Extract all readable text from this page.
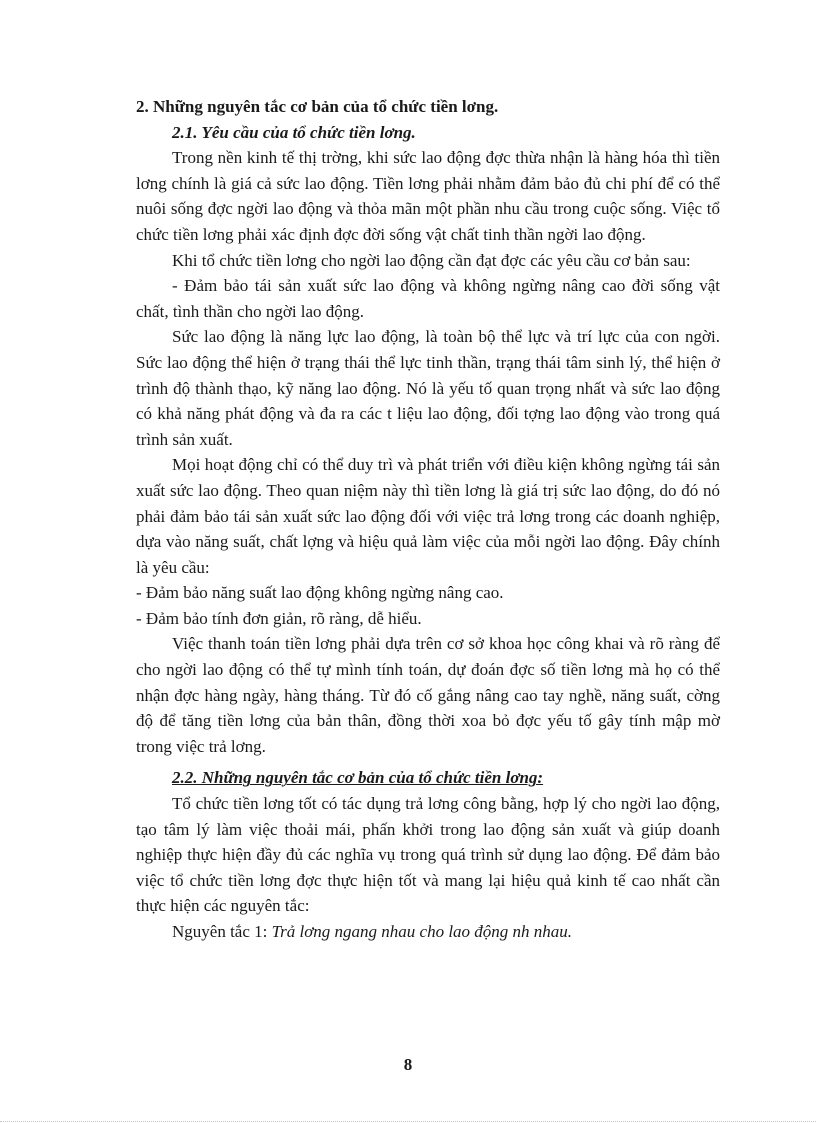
2. Những nguyên tắc cơ bản của tổ chức tiền lơng.

2.1. Yêu cầu của tổ chức tiền lơng.

Trong nền kinh tế thị trờng, khi sức lao động đợc thừa nhận là hàng hóa thì tiền lơng chính là giá cả sức lao động. Tiền lơng phải nhằm đảm bảo đủ chi phí để có thể nuôi sống đợc ngời lao động và thỏa mãn một phần nhu cầu trong cuộc sống. Việc tổ chức tiền lơng phải xác định đợc đời sống vật chất tinh thần ngời lao động.

Khi tổ chức tiền lơng cho ngời lao động cần đạt đợc các yêu cầu cơ bản sau:

- Đảm bảo tái sản xuất sức lao động và không ngừng nâng cao đời sống vật chất, tình thần cho ngời lao động.

Sức lao động là năng lực lao động, là toàn bộ thể lực và trí lực của con ngời. Sức lao động thể hiện ở trạng thái thể lực tinh thần, trạng thái tâm sinh lý, thể hiện ở trình độ thành thạo, kỹ năng lao động. Nó là yếu tố quan trọng nhất và sức lao động có khả năng phát động và đa ra các t liệu lao động, đối tợng lao động vào trong quá trình sản xuất.

Mọi hoạt động chỉ có thể duy trì và phát triển với điều kiện không ngừng tái sản xuất sức lao động. Theo quan niệm này thì tiền lơng là giá trị sức lao động, do đó nó phải đảm bảo tái sản xuất sức lao động đối với việc trả lơng trong các doanh nghiệp, dựa vào năng suất, chất lợng và hiệu quả làm việc của mỗi ngời lao động. Đây chính là yêu cầu:

- Đảm bảo năng suất lao động không ngừng nâng cao.

- Đảm bảo tính đơn giản, rõ ràng, dễ hiểu.

Việc thanh toán tiền lơng phải dựa trên cơ sở khoa học công khai và rõ ràng để cho ngời lao động có thể tự mình tính toán, dự đoán đợc số tiền lơng mà họ có thể nhận đợc hàng ngày, hàng tháng. Từ đó cố gắng nâng cao tay nghề, năng suất, cờng độ để tăng tiền lơng của bản thân, đồng thời xoa bỏ đợc yếu tố gây tính mập mờ trong việc trả lơng.

2.2. Những nguyên tắc cơ bản của tổ chức tiền lơng:

Tổ chức tiền lơng tốt có tác dụng trả lơng công bằng, hợp lý cho ngời lao động, tạo tâm lý làm việc thoải mái, phấn khởi trong lao động sản xuất và giúp doanh nghiệp thực hiện đầy đủ các nghĩa vụ trong quá trình sử dụng lao động. Để đảm bảo việc tổ chức tiền lơng đợc thực hiện tốt và mang lại hiệu quả kinh tế cao nhất cần thực hiện các nguyên tắc:

Nguyên tắc 1: Trả lơng ngang nhau cho lao động nh nhau.

8
